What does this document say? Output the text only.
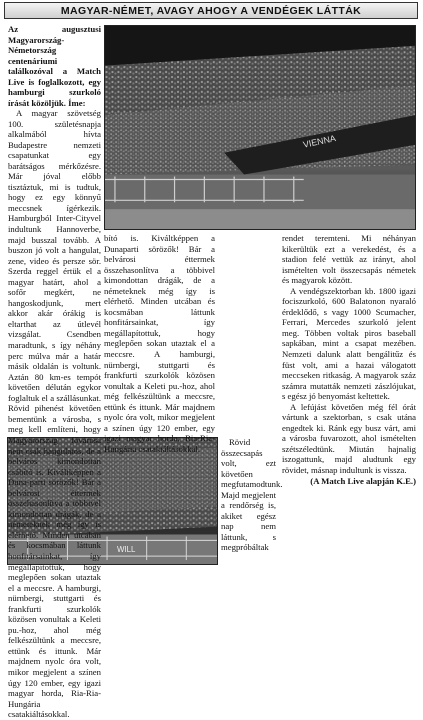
MAGYAR-NÉMET, AVAGY AHOGY A VENDÉGEK LÁTTÁK
VIENNA
WILL

Az augusztusi Magyarország-Németország centenáriumi találkozóval a Match Live is foglalkozott, egy hamburgi szurkoló írását közöljük. Íme:

A magyar szövetség 100. születésnapja alkalmából hívta Budapestre nemzeti csapatunkat egy barátságos mérkőzésre. Már jóval előbb tisztáztuk, mi is tudtuk, hogy ez egy könnyű meccsnek ígérkezik. Hamburgból Inter-Cityvel indultunk Hannoverbe, majd busszal tovább. A buszon jó volt a hangulat, zene, video és persze sör. Szerda reggel értük el a magyar határt, ahol a sofőr megkért, ne hangoskodjunk, mert akkor akár órákig is eltarthat az útlevél vizsgálat. Csendben maradtunk, s így néhány perc múlva már a határ másik oldalán is voltunk. Aztán 80 km-es tempót követően délután egykor foglaltuk el a szállásunkat. Rövid pihenést követően bementünk a városba, s meg kell említeni, hogy Magyarország fővárosa nem csak hangulatos, de a belváros kimondottan csábító is. Kiváltképpen a Duna-parti sörözők! Bár a belvárosi éttermek összehasonlítva a többivel kimondottan drágák, de a németeknek még így is elérhető. Minden utcában és kocsmában láttunk honfitársainkat, így megállapítottuk, hogy meglepően sokan utaztak el a meccsre. A hamburgi, nürnbergi, stuttgarti és frankfurti szurkolók közösen vonultak a Keleti pu.-hoz, ahol még felkészültünk a meccsre, ettünk és ittunk. Már majdnem nyolc óra volt, mikor megjelent a színen úgy 120 ember, egy igazi magyar horda, Ria-Ria-Hungária csatakiáltásokkal.

bító is. Kiváltképpen a Dunaparti sörözők! Bár a belvárosi éttermek összehasonlítva a többivel kimondottan drágák, de a németeknek még így is elérhető. Minden utcában és kocsmában láttunk honfitársainkat, így megállapítottuk, hogy meglepően sokan utaztak el a meccsre. A hamburgi, nürnbergi, stuttgarti és frankfurti szurkolók közösen vonultak a Keleti pu.-hoz, ahol még felkészültünk a meccsre, ettünk és ittunk. Már majdnem nyolc óra volt, mikor megjelent a színen úgy 120 ember, egy igazi magyar horda, Ria-Ria-Hungária csatakiáltásokkal.

Rövid összecsapás volt, ezt követően megfutamodtunk. Majd megjelent a rendőrség is, akiket egész nap nem láttunk, s megpróbáltak

rendet teremteni. Mi néhányan kikerültük ezt a verekedést, és a stadion felé vettük az irányt, ahol ismételten volt összecsapás németek és magyarok között.

A vendégszektorban kb. 1800 igazi fociszurkoló, 600 Balatonon nyaraló érdeklődő, s vagy 1000 Scumacher, Ferrari, Mercedes szurkoló jelent meg. Többen voltak piros baseball sapkában, mint a csapat mezében. Nemzeti dalunk alatt bengálitűz és füst volt, ami a hazai válogatott meccseken ritkaság. A magyarok száz számra mutatták nemzeti zászlójukat, s egész jó benyomást keltettek.

A lefújást követően még fél órát vártunk a szektorban, s csak utána engedtek ki. Ránk egy busz várt, ami a városba fuvarozott, ahol ismételten szétszéledtünk. Miután hajnalig iszogattunk, majd aludtunk egy rövidet, másnap indultunk is vissza.

(A Match Live alapján K.E.)
